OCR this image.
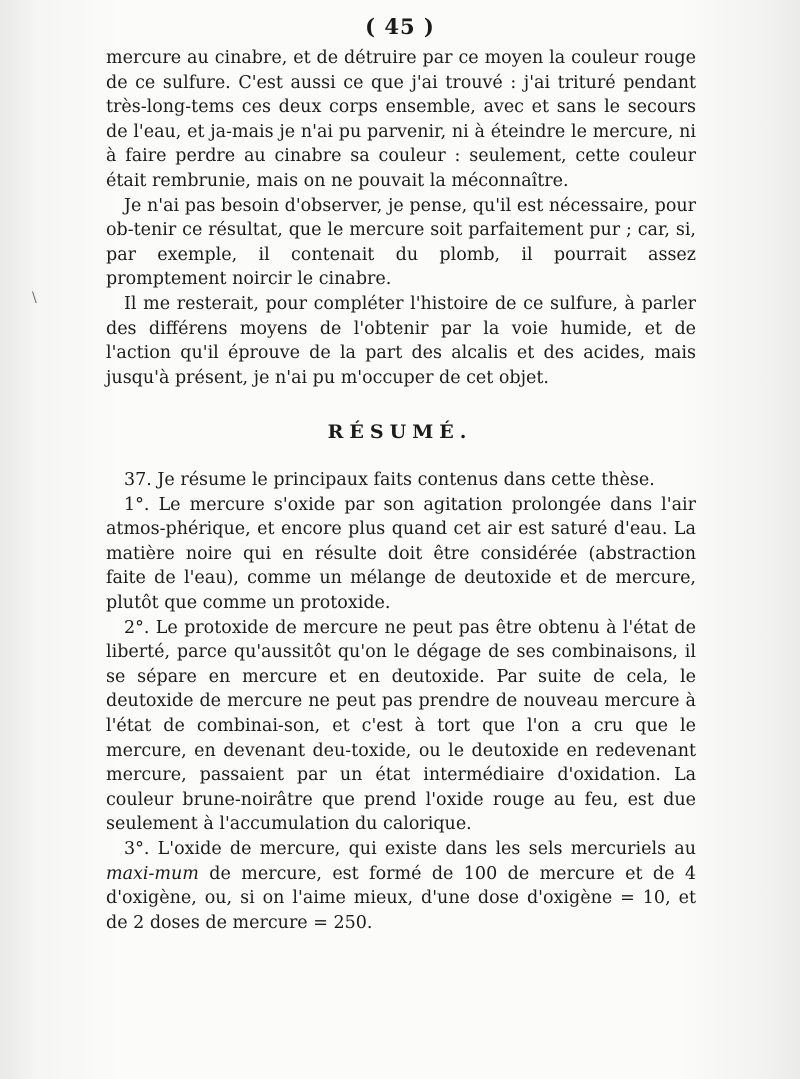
\
( 45 )

mercure au cinabre, et de détruire par ce moyen la couleur rouge de ce sulfure. C'est aussi ce que j'ai trouvé : j'ai trituré pendant très-long-tems ces deux corps ensemble, avec et sans le secours de l'eau, et ja-mais je n'ai pu parvenir, ni à éteindre le mercure, ni à faire perdre au cinabre sa couleur : seulement, cette couleur était rembrunie, mais on ne pouvait la méconnaître.

Je n'ai pas besoin d'observer, je pense, qu'il est nécessaire, pour ob-tenir ce résultat, que le mercure soit parfaitement pur ; car, si, par exemple, il contenait du plomb, il pourrait assez promptement noircir le cinabre.

Il me resterait, pour compléter l'histoire de ce sulfure, à parler des différens moyens de l'obtenir par la voie humide, et de l'action qu'il éprouve de la part des alcalis et des acides, mais jusqu'à présent, je n'ai pu m'occuper de cet objet.

RÉSUMÉ.

37. Je résume le principaux faits contenus dans cette thèse.

1°. Le mercure s'oxide par son agitation prolongée dans l'air atmos-phérique, et encore plus quand cet air est saturé d'eau. La matière noire qui en résulte doit être considérée (abstraction faite de l'eau), comme un mélange de deutoxide et de mercure, plutôt que comme un protoxide.

2°. Le protoxide de mercure ne peut pas être obtenu à l'état de liberté, parce qu'aussitôt qu'on le dégage de ses combinaisons, il se sépare en mercure et en deutoxide. Par suite de cela, le deutoxide de mercure ne peut pas prendre de nouveau mercure à l'état de combinai-son, et c'est à tort que l'on a cru que le mercure, en devenant deu-toxide, ou le deutoxide en redevenant mercure, passaient par un état intermédiaire d'oxidation. La couleur brune-noirâtre que prend l'oxide rouge au feu, est due seulement à l'accumulation du calorique.

3°. L'oxide de mercure, qui existe dans les sels mercuriels au maxi-mum de mercure, est formé de 100 de mercure et de 4 d'oxigène, ou, si on l'aime mieux, d'une dose d'oxigène = 10, et de 2 doses de mercure = 250.
